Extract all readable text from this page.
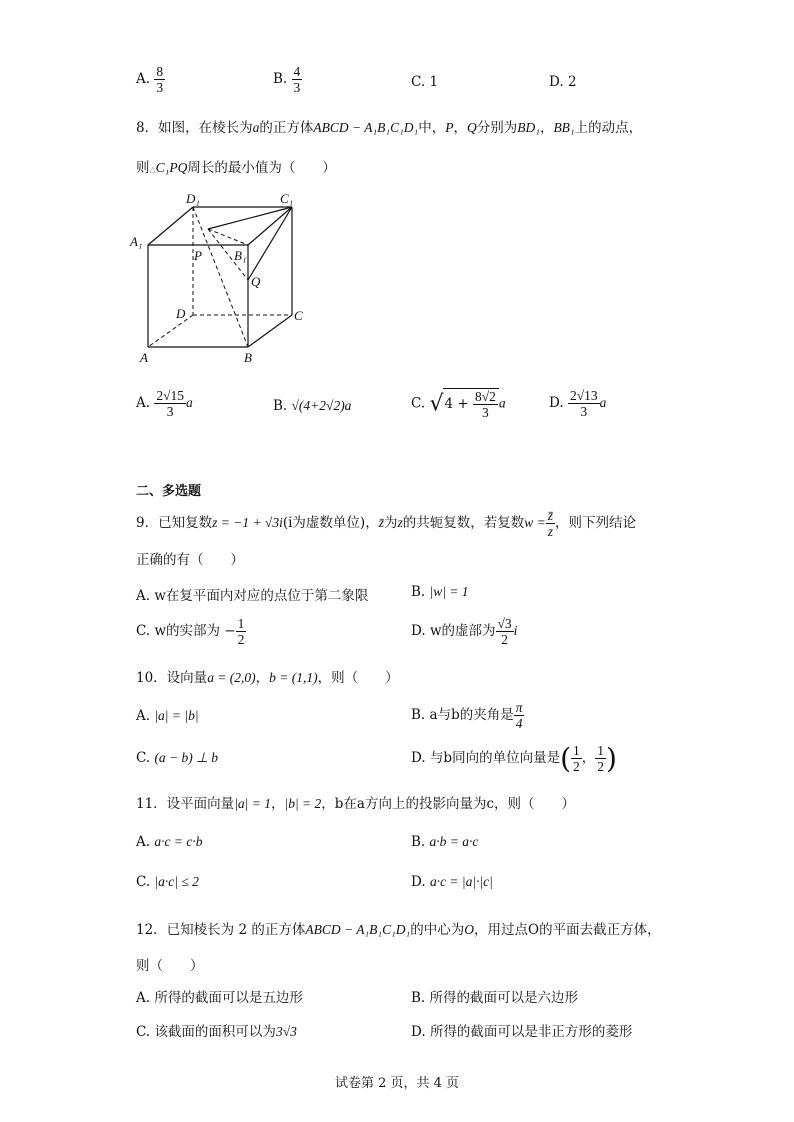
A. $\frac{8}{3}$	B. $\frac{4}{3}$	C. 1	D. 2
8．如图，在棱长为a的正方体ABCD − A₁B₁C₁D₁中，P，Q分别为BD₁，BB₁上的动点，
则△C₁PQ周长的最小值为（　　）
D₁	C₁
A₁
B₁
P
Q
D	C
A	B
A. $\frac{2√15}{3}$ a	B. √(4+2√2)a	C. $√4 + \frac{8√2}{3}$ a	D. $\frac{2√13}{3}$ a
二、多选题
9．已知复数z = −1 + √3i(i为虚数单位)，z̄为z的共轭复数，若复数$w = \frac{z̄}{z}$ ，则下列结论
正确的有（　　）
A. w在复平面内对应的点位于第二象限	B. |w| = 1
C. w的实部为 − $\frac{1}{2}$	D. w的虚部为 $\frac{√3}{2}$ i
10．设向量a = (2,0)，b = (1,1)，则（　　）
A. |a| = |b|	B. a与b的夹角是 $\frac{\pi}{4}$
C. (a − b) ⊥ b	D. 与b同向的单位向量是( $\frac{1}{2}$ ， $\frac{1}{2}$ )
11．设平面向量|a| = 1，|b| = 2，b在a方向上的投影向量为c，则（　　）
A. a·c = c·b	B. a·b = a·c
C. |a·c| ≤ 2	D. a·c = |a|·|c|
12．已知棱长为 2 的正方体ABCD − A₁B₁C₁D₁的中心为O，用过点O的平面去截正方体，
则（　　）
A. 所得的截面可以是五边形	B. 所得的截面可以是六边形
C. 该截面的面积可以为3√3	D. 所得的截面可以是非正方形的菱形
试卷第 2 页，共 4 页
